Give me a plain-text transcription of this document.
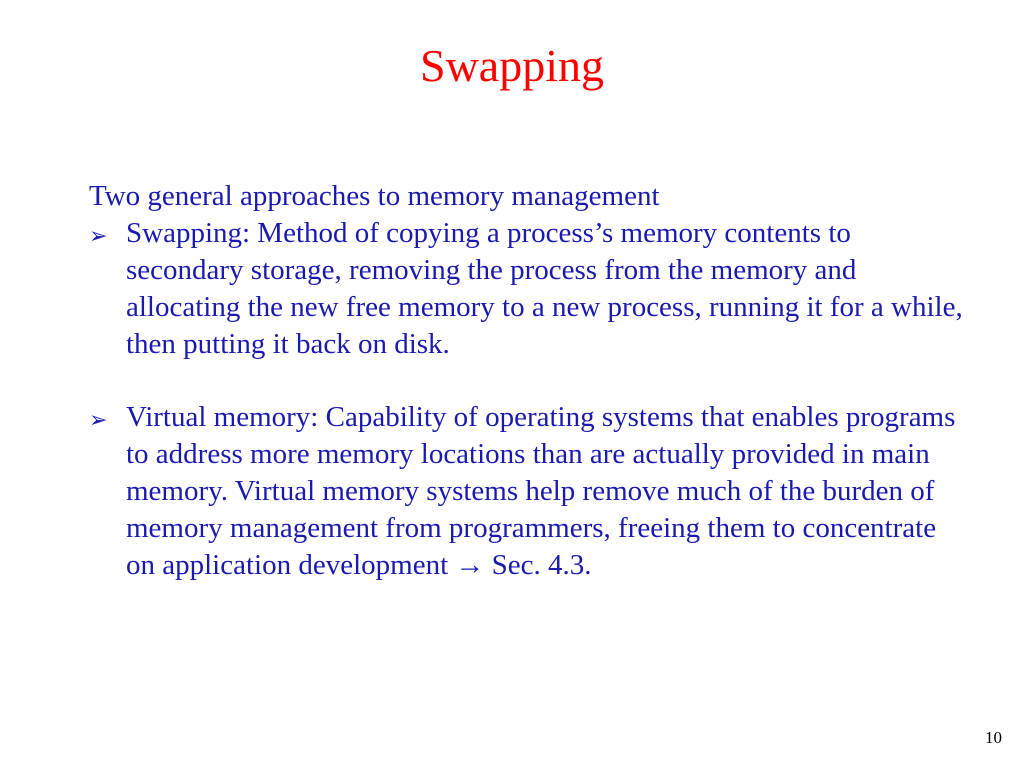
Swapping

Two general approaches to memory management

➢ Swapping: Method of copying a process’s memory contents to secondary storage, removing the process from the memory and allocating the new free memory to a new process, running it for a while, then putting it back on disk.
➢ Virtual memory: Capability of operating systems that enables programs to address more memory locations than are actually provided in main memory. Virtual memory systems help remove much of the burden of memory management from programmers, freeing them to concentrate on application development → Sec. 4.3.
10
